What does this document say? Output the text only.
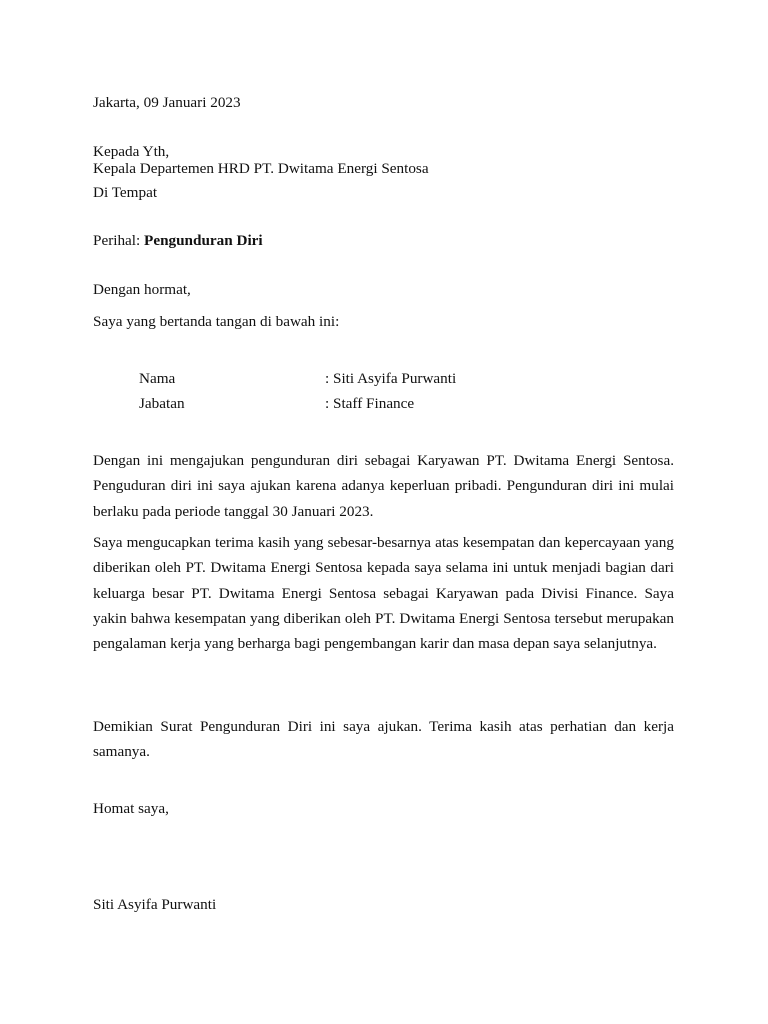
Jakarta, 09 Januari 2023
Kepada Yth,
Kepala Departemen HRD PT. Dwitama Energi Sentosa
Di Tempat
Perihal: Pengunduran Diri
Dengan hormat,
Saya yang bertanda tangan di bawah ini:
Nama	: Siti Asyifa Purwanti
Jabatan	: Staff Finance
Dengan ini mengajukan pengunduran diri sebagai Karyawan PT. Dwitama Energi Sentosa. Penguduran diri ini saya ajukan karena adanya keperluan pribadi. Pengunduran diri ini mulai berlaku pada periode tanggal 30 Januari 2023.
Saya mengucapkan terima kasih yang sebesar-besarnya atas kesempatan dan kepercayaan yang diberikan oleh PT. Dwitama Energi Sentosa kepada saya selama ini untuk menjadi bagian dari keluarga besar PT. Dwitama Energi Sentosa sebagai Karyawan pada Divisi Finance. Saya yakin bahwa kesempatan yang diberikan oleh PT. Dwitama Energi Sentosa tersebut merupakan pengalaman kerja yang berharga bagi pengembangan karir dan masa depan saya selanjutnya.
Demikian Surat Pengunduran Diri ini saya ajukan. Terima kasih atas perhatian dan kerja samanya.
Homat saya,
Siti Asyifa Purwanti
